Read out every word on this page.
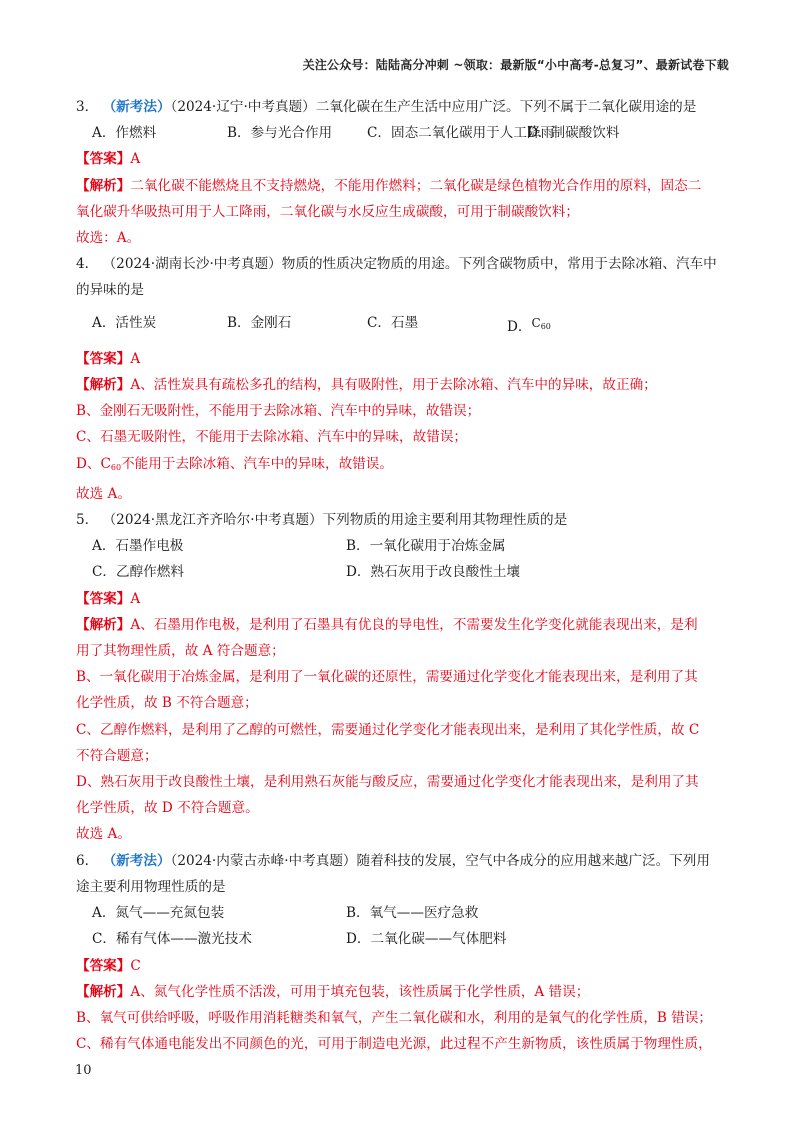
关注公众号：陆陆高分冲刺 ~领取：最新版“小中高考-总复习”、最新试卷下载
3． （新考法）（2024·辽宁·中考真题）二氧化碳在生产生活中应用广泛。下列不属于二氧化碳用途的是
A．作燃料	B．参与光合作用	C．固态二氧化碳用于人工降雨
D．制碳酸饮料
【答案】A
【解析】二氧化碳不能燃烧且不支持燃烧，不能用作燃料；二氧化碳是绿色植物光合作用的原料，固态二
氧化碳升华吸热可用于人工降雨，二氧化碳与水反应生成碳酸，可用于制碳酸饮料；
故选：A。
4． （2024·湖南长沙·中考真题）物质的性质决定物质的用途。下列含碳物质中，常用于去除冰箱、汽车中
的异味的是
A．活性炭	B．金刚石	C．石墨	D．$C_{60}$
【答案】A
【解析】A、活性炭具有疏松多孔的结构，具有吸附性，用于去除冰箱、汽车中的异味，故正确；
B、金刚石无吸附性，不能用于去除冰箱、汽车中的异味，故错误；
C、石墨无吸附性，不能用于去除冰箱、汽车中的异味，故错误；
D、$C_{60}$不能用于去除冰箱、汽车中的异味，故错误。
故选 A。
5． （2024·黑龙江齐齐哈尔·中考真题）下列物质的用途主要利用其物理性质的是
A．石墨作电极	B．一氧化碳用于冶炼金属
C．乙醇作燃料	D．熟石灰用于改良酸性土壤
【答案】A
【解析】A、石墨用作电极，是利用了石墨具有优良的导电性，不需要发生化学变化就能表现出来，是利
用了其物理性质，故 A 符合题意；
B、一氧化碳用于冶炼金属，是利用了一氧化碳的还原性，需要通过化学变化才能表现出来，是利用了其
化学性质，故 B 不符合题意；
C、乙醇作燃料，是利用了乙醇的可燃性，需要通过化学变化才能表现出来，是利用了其化学性质，故 C
不符合题意；
D、熟石灰用于改良酸性土壤，是利用熟石灰能与酸反应，需要通过化学变化才能表现出来，是利用了其
化学性质，故 D 不符合题意。
故选 A。
6． （新考法）（2024·内蒙古赤峰·中考真题）随着科技的发展，空气中各成分的应用越来越广泛。下列用
途主要利用物理性质的是
A．氮气——充氮包装	B．氧气——医疗急救
C．稀有气体——激光技术	D．二氧化碳——气体肥料
【答案】C
【解析】A、氮气化学性质不活泼，可用于填充包装，该性质属于化学性质，A 错误；
B、氧气可供给呼吸，呼吸作用消耗糖类和氧气，产生二氧化碳和水，利用的是氧气的化学性质，B 错误；
C、稀有气体通电能发出不同颜色的光，可用于制造电光源，此过程不产生新物质，该性质属于物理性质，
10
